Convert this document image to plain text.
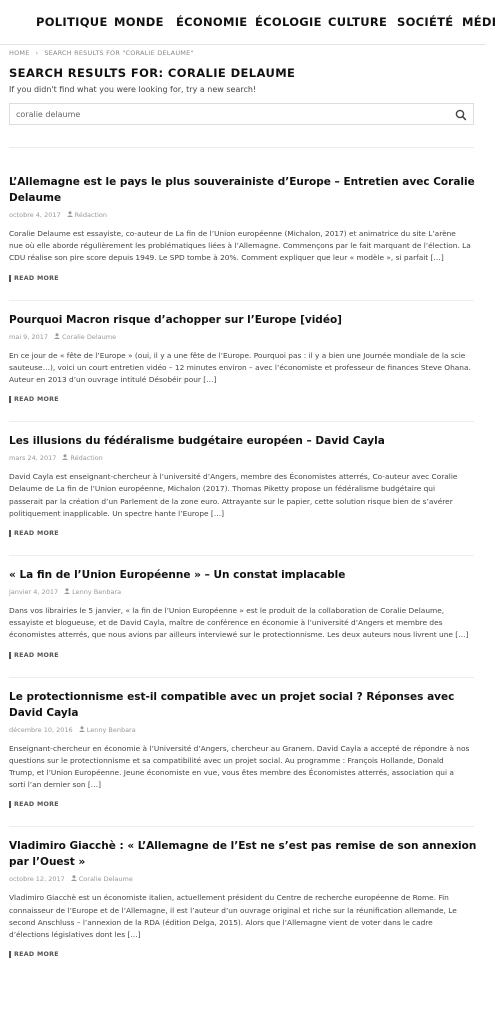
POLITIQUE MONDE ÉCONOMIE ÉCOLOGIE CULTURE SOCIÉTÉ MÉDI
HOME › SEARCH RESULTS FOR "CORALIE DELAUME"
SEARCH RESULTS FOR: CORALIE DELAUME
If you didn't find what you were looking for, try a new search!
coralie delaume
L’Allemagne est le pays le plus souverainiste d’Europe – Entretien avec Coralie Delaume
octobre 4, 2017 Rédaction
Coralie Delaume est essayiste, co-auteur de La fin de l’Union européenne (Michalon, 2017) et animatrice du site L’arène nue où elle aborde régulièrement les problématiques liées à l’Allemagne. Commençons par le fait marquant de l’élection. La CDU réalise son pire score depuis 1949. Le SPD tombe à 20%. Comment expliquer que leur « modèle », si parfait […]
READ MORE
Pourquoi Macron risque d’achopper sur l’Europe [vidéo]
mai 9, 2017 Coralie Delaume
En ce jour de « fête de l’Europe » (oui, il y a une fête de l’Europe. Pourquoi pas : il y a bien une Journée mondiale de la scie sauteuse…), voici un court entretien vidéo – 12 minutes environ – avec l’économiste et professeur de finances Steve Ohana. Auteur en 2013 d’un ouvrage intitulé Désobéir pour […]
READ MORE
Les illusions du fédéralisme budgétaire européen – David Cayla
mars 24, 2017 Rédaction
David Cayla est enseignant-chercheur à l’université d’Angers, membre des Économistes atterrés, Co-auteur avec Coralie Delaume de La fin de l’Union européenne, Michalon (2017). Thomas Piketty propose un fédéralisme budgétaire qui passerait par la création d’un Parlement de la zone euro. Attrayante sur le papier, cette solution risque bien de s’avérer politiquement inapplicable. Un spectre hante l’Europe […]
READ MORE
« La fin de l’Union Européenne » – Un constat implacable
janvier 4, 2017 Lenny Benbara
Dans vos librairies le 5 janvier, « la fin de l’Union Européenne » est le produit de la collaboration de Coralie Delaume, essayiste et blogueuse, et de David Cayla, maître de conférence en économie à l’université d’Angers et membre des économistes atterrés, que nous avions par ailleurs interviewé sur le protectionnisme. Les deux auteurs nous livrent une […]
READ MORE
Le protectionnisme est-il compatible avec un projet social ? Réponses avec David Cayla
décembre 10, 2016 Lenny Benbara
Enseignant-chercheur en économie à l’Université d’Angers, chercheur au Granem. David Cayla a accepté de répondre à nos questions sur le protectionnisme et sa compatibilité avec un projet social. Au programme : François Hollande, Donald Trump, et l’Union Européenne. Jeune économiste en vue, vous êtes membre des Économistes atterrés, association qui a sorti l’an dernier son […]
READ MORE
Vladimiro Giacchè : « L’Allemagne de l’Est ne s’est pas remise de son annexion par l’Ouest »
octobre 12, 2017 Coralie Delaume
Vladimiro Giacchè est un économiste italien, actuellement président du Centre de recherche européenne de Rome. Fin connaisseur de l’Europe et de l’Allemagne, il est l’auteur d’un ouvrage original et riche sur la réunification allemande, Le second Anschluss – l’annexion de la RDA (édition Delga, 2015). Alors que l’Allemagne vient de voter dans le cadre d’élections législatives dont les […]
READ MORE
